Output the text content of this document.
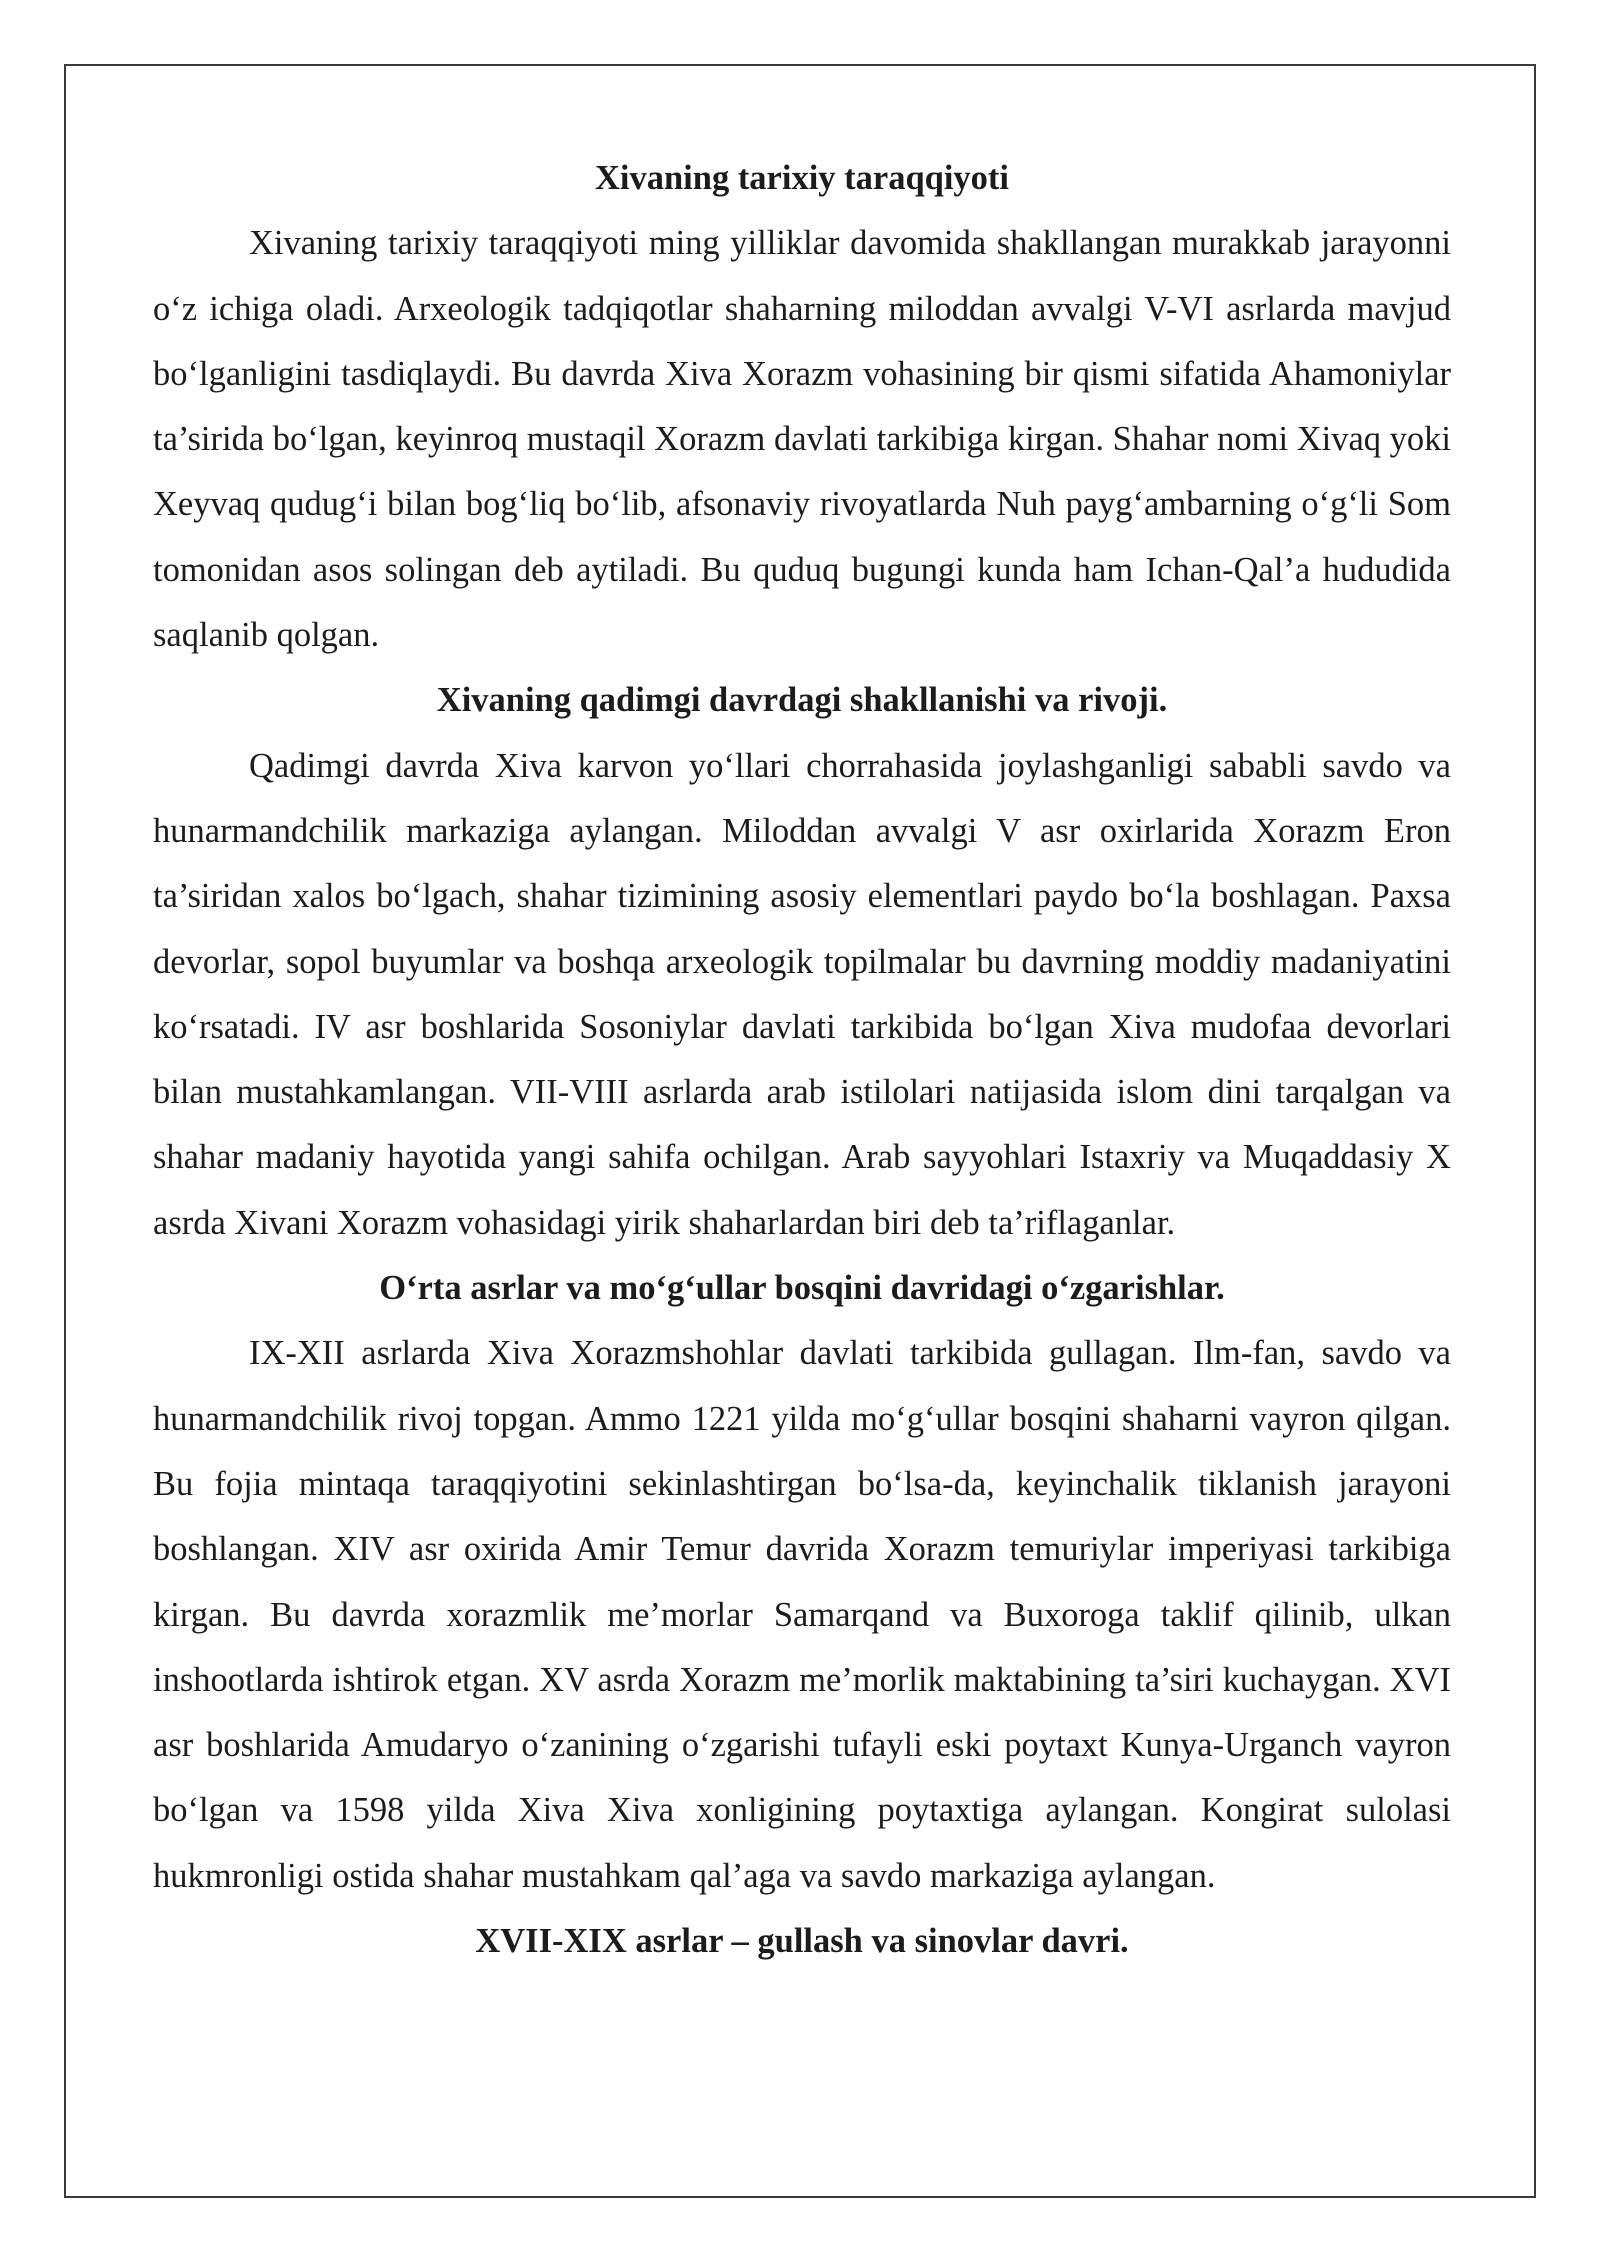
Xivaning tarixiy taraqqiyoti

Xivaning tarixiy taraqqiyoti ming yilliklar davomida shakllangan murakkab jarayonni o‘z ichiga oladi. Arxeologik tadqiqotlar shaharning miloddan avvalgi V-VI asrlarda mavjud bo‘lganligini tasdiqlaydi. Bu davrda Xiva Xorazm vohasining bir qismi sifatida Ahamoniylar ta’sirida bo‘lgan, keyinroq mustaqil Xorazm davlati tarkibiga kirgan. Shahar nomi Xivaq yoki Xeyvaq qudug‘i bilan bog‘liq bo‘lib, afsonaviy rivoyatlarda Nuh payg‘ambarning o‘g‘li Som tomonidan asos solingan deb aytiladi. Bu quduq bugungi kunda ham Ichan-Qal’a hududida saqlanib qolgan.

Xivaning qadimgi davrdagi shakllanishi va rivoji.

Qadimgi davrda Xiva karvon yo‘llari chorrahasida joylashganligi sababli savdo va hunarmandchilik markaziga aylangan. Miloddan avvalgi V asr oxirlarida Xorazm Eron ta’siridan xalos bo‘lgach, shahar tizimining asosiy elementlari paydo bo‘la boshlagan. Paxsa devorlar, sopol buyumlar va boshqa arxeologik topilmalar bu davrning moddiy madaniyatini ko‘rsatadi. IV asr boshlarida Sosoniylar davlati tarkibida bo‘lgan Xiva mudofaa devorlari bilan mustahkamlangan. VII-VIII asrlarda arab istilolari natijasida islom dini tarqalgan va shahar madaniy hayotida yangi sahifa ochilgan. Arab sayyohlari Istaxriy va Muqaddasiy X asrda Xivani Xorazm vohasidagi yirik shaharlardan biri deb ta’riflaganlar.

O‘rta asrlar va mo‘g‘ullar bosqini davridagi o‘zgarishlar.

IX-XII asrlarda Xiva Xorazmshohlar davlati tarkibida gullagan. Ilm-fan, savdo va hunarmandchilik rivoj topgan. Ammo 1221 yilda mo‘g‘ullar bosqini shaharni vayron qilgan. Bu fojia mintaqa taraqqiyotini sekinlashtirgan bo‘lsa-da, keyinchalik tiklanish jarayoni boshlangan. XIV asr oxirida Amir Temur davrida Xorazm temuriylar imperiyasi tarkibiga kirgan. Bu davrda xorazmlik me’morlar Samarqand va Buxoroga taklif qilinib, ulkan inshootlarda ishtirok etgan. XV asrda Xorazm me’morlik maktabining ta’siri kuchaygan. XVI asr boshlarida Amudaryo o‘zanining o‘zgarishi tufayli eski poytaxt Kunya-Urganch vayron bo‘lgan va 1598 yilda Xiva Xiva xonligining poytaxtiga aylangan. Kongirat sulolasi hukmronligi ostida shahar mustahkam qal’aga va savdo markaziga aylangan.

XVII-XIX asrlar – gullash va sinovlar davri.
